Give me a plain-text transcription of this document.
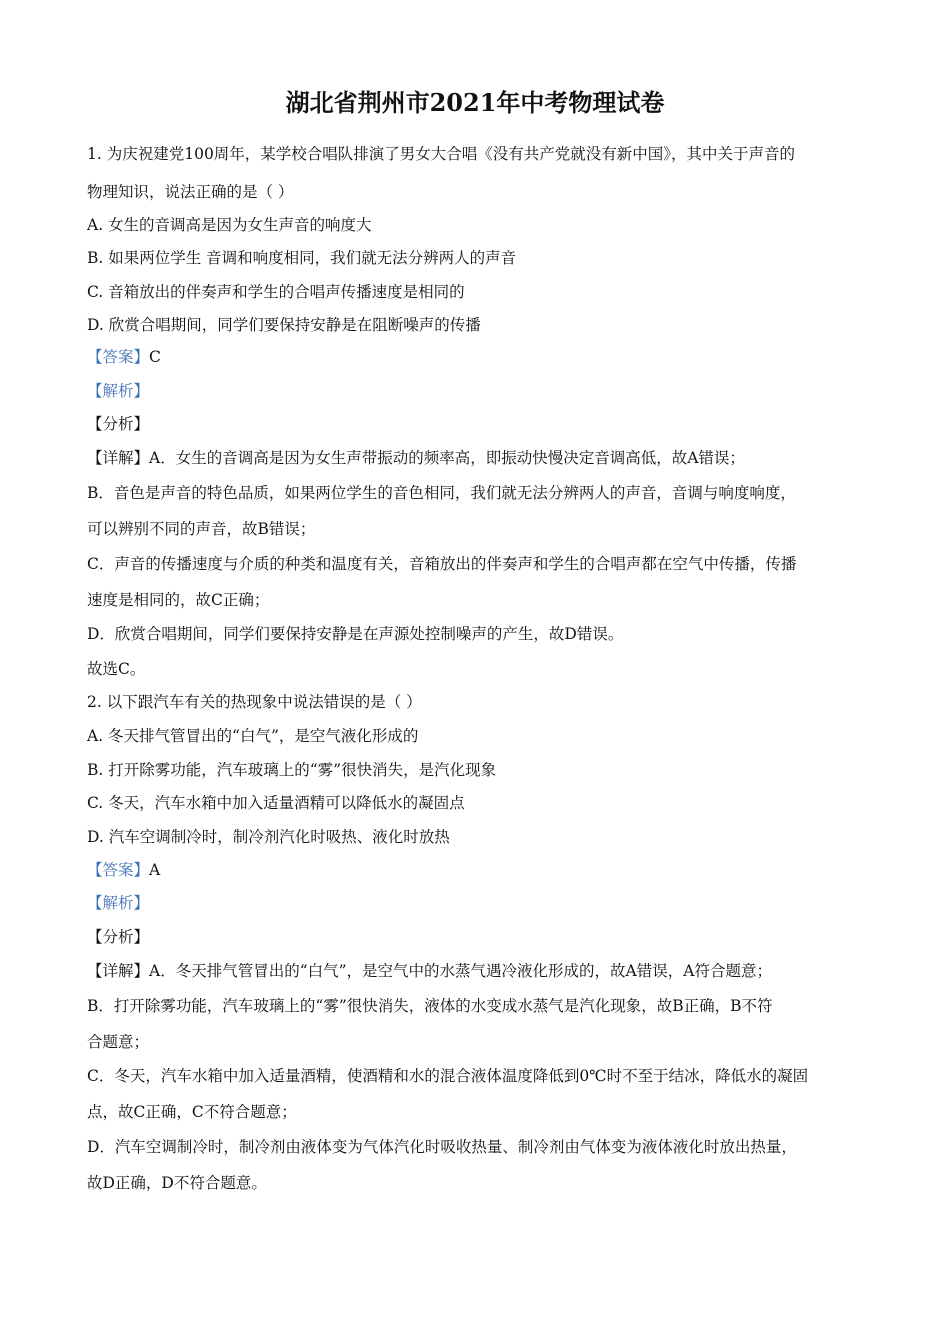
湖北省荆州市2021年中考物理试卷

1. 为庆祝建党100周年，某学校合唱队排演了男女大合唱《没有共产党就没有新中国》，其中关于声音的

物理知识，说法正确的是（ ）

A. 女生的音调高是因为女生声音的响度大

B. 如果两位学生 音调和响度相同，我们就无法分辨两人的声音

C. 音箱放出的伴奏声和学生的合唱声传播速度是相同的

D. 欣赏合唱期间，同学们要保持安静是在阻断噪声的传播

【答案】C

【解析】

【分析】

【详解】A．女生的音调高是因为女生声带振动的频率高，即振动快慢决定音调高低，故A错误；

B．音色是声音的特色品质，如果两位学生的音色相同，我们就无法分辨两人的声音，音调与响度响度，

可以辨别不同的声音，故B错误；

C．声音的传播速度与介质的种类和温度有关，音箱放出的伴奏声和学生的合唱声都在空气中传播，传播

速度是相同的，故C正确；

D．欣赏合唱期间，同学们要保持安静是在声源处控制噪声的产生，故D错误。

故选C。

2. 以下跟汽车有关的热现象中说法错误的是（ ）

A. 冬天排气管冒出的“白气”，是空气液化形成的

B. 打开除雾功能，汽车玻璃上的“雾”很快消失，是汽化现象

C. 冬天，汽车水箱中加入适量酒精可以降低水的凝固点

D. 汽车空调制冷时，制冷剂汽化时吸热、液化时放热

【答案】A

【解析】

【分析】

【详解】A．冬天排气管冒出的“白气”，是空气中的水蒸气遇冷液化形成的，故A错误，A符合题意；

B．打开除雾功能，汽车玻璃上的“雾”很快消失，液体的水变成水蒸气是汽化现象，故B正确，B不符

合题意；

C．冬天，汽车水箱中加入适量酒精，使酒精和水的混合液体温度降低到0℃时不至于结冰，降低水的凝固

点，故C正确，C不符合题意；

D．汽车空调制冷时，制冷剂由液体变为气体汽化时吸收热量、制冷剂由气体变为液体液化时放出热量，

故D正确，D不符合题意。
